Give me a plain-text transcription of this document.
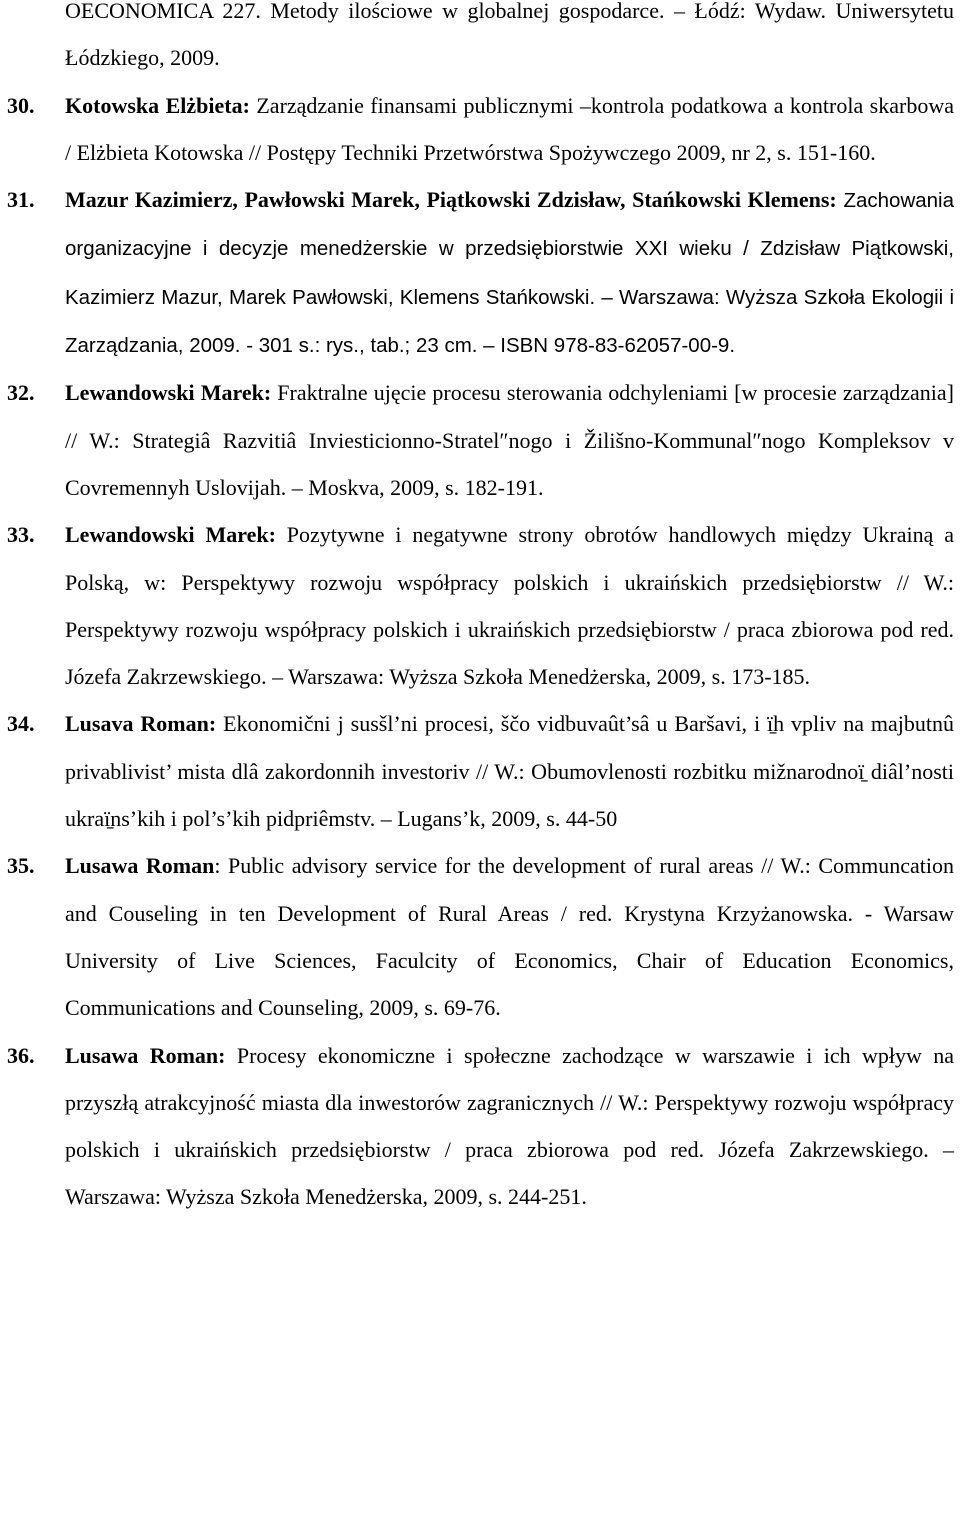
OECONOMICA 227. Metody ilościowe w globalnej gospodarce. – Łódź: Wydaw. Uniwersytetu Łódzkiego, 2009.
30. Kotowska Elżbieta: Zarządzanie finansami publicznymi –kontrola podatkowa a kontrola skarbowa / Elżbieta Kotowska // Postępy Techniki Przetwórstwa Spożywczego 2009, nr 2, s. 151-160.
31. Mazur Kazimierz, Pawłowski Marek, Piątkowski Zdzisław, Stańkowski Klemens: Zachowania organizacyjne i decyzje menedżerskie w przedsiębiorstwie XXI wieku / Zdzisław Piątkowski, Kazimierz Mazur, Marek Pawłowski, Klemens Stańkowski. – Warszawa: Wyższa Szkoła Ekologii i Zarządzania, 2009. - 301 s.: rys., tab.; 23 cm. – ISBN 978-83-62057-00-9.
32. Lewandowski Marek: Fraktralne ujęcie procesu sterowania odchyleniami [w procesie zarządzania] // W.: Strategiâ Razvitiâ Inviesticionno-Stratel″nogo i Žilišno-Kommunal″nogo Kompleksov v Covremennyh Uslovijah. – Moskva, 2009, s. 182-191.
33. Lewandowski Marek: Pozytywne i negatywne strony obrotów handlowych między Ukrainą a Polską, w: Perspektywy rozwoju współpracy polskich i ukraińskich przedsiębiorstw // W.: Perspektywy rozwoju współpracy polskich i ukraińskich przedsiębiorstw / praca zbiorowa pod red. Józefa Zakrzewskiego. – Warszawa: Wyższa Szkoła Menedżerska, 2009, s. 173-185.
34. Lusava Roman: Ekonomični j susšl’ni procesi, ščo vidbuvaût’sâ u Baršavi, i ï̱h vpliv na majbutnû privablivist’ mista dlâ zakordonnih investoriv // W.: Obumovlenosti rozbitku mižnarodnoï̱ diâl’nosti ukraï̱ns’kih i pol’s’kih pidpriêmstv. – Lugans’k, 2009, s. 44-50
35. Lusawa Roman: Public advisory service for the development of rural areas // W.: Communcation and Couseling in ten Development of Rural Areas / red. Krystyna Krzyżanowska. - Warsaw University of Live Sciences, Faculcity of Economics, Chair of Education Economics, Communications and Counseling, 2009, s. 69-76.
36. Lusawa Roman: Procesy ekonomiczne i społeczne zachodzące w warszawie i ich wpływ na przyszłą atrakcyjność miasta dla inwestorów zagranicznych // W.: Perspektywy rozwoju współpracy polskich i ukraińskich przedsiębiorstw / praca zbiorowa pod red. Józefa Zakrzewskiego. – Warszawa: Wyższa Szkoła Menedżerska, 2009, s. 244-251.
